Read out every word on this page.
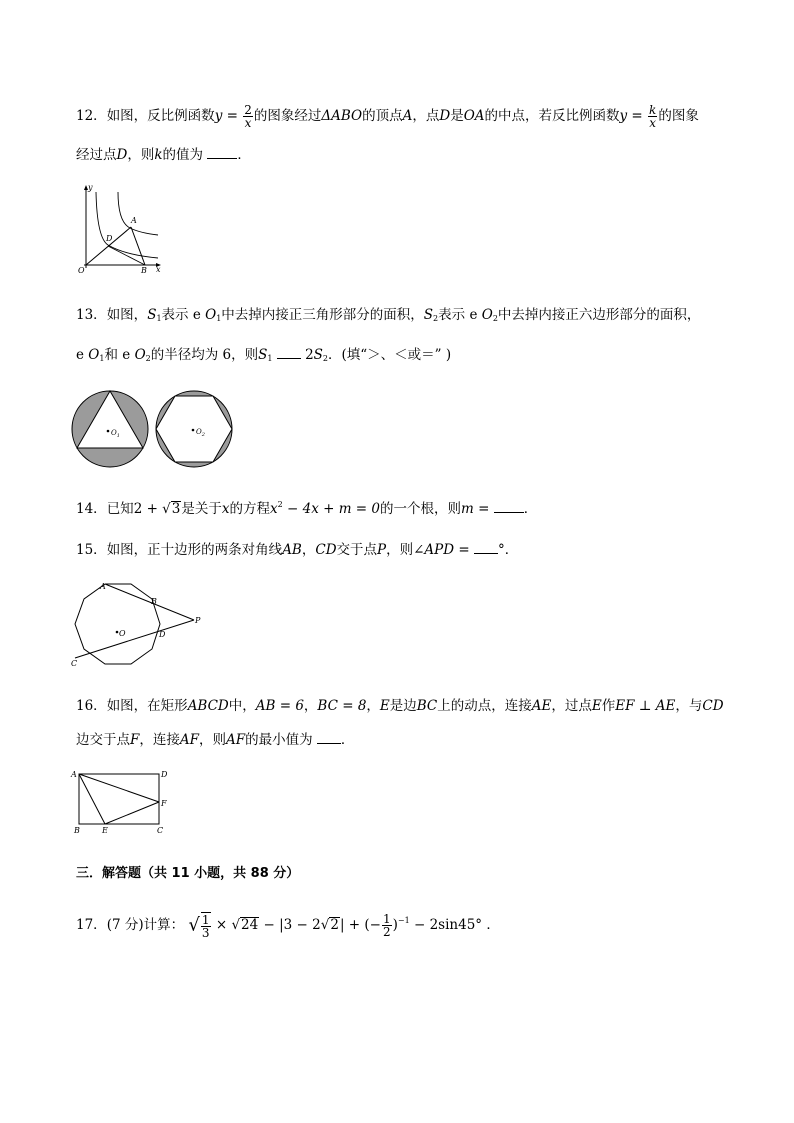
12．如图，反比例函数$y = \frac{2}{x}$ 的图象经过ΔABO的顶点A，点D是OA的中点，若反比例函数$y = \frac{k}{x}$ 的图象
经过点D，则k的值为	．
y
x
O
A
B
D
13．如图，$S_1$表示 e $O_1$中去掉内接正三角形部分的面积，$S_2$表示 e $O_2$中去掉内接正六边形部分的面积，
e $O_1$和 e $O_2$的半径均为 6，则$S_1$ $2S_2$．(填“＞、＜或＝” )
$O_1$	$O_2$
14．已知2 + √3是关于x的方程$x^2 - 4x + m = 0$的一个根，则m = ．
15．如图，正十边形的两条对角线AB，CD交于点P，则∠APD = °．
O
A
B
C
D
P
16．如图，在矩形ABCD中，AB = 6，BC = 8，E是边BC上的动点，连接AE，过点E作EF ⊥ AE，与CD
边交于点F，连接AF，则AF的最小值为 ．
A	D
F
B	E	C
三．解答题（共 11 小题，共 88 分）
17．(7 分)计算： √ $\frac{1}{3} \times √24 - |3 - 2√2|$ + (− $\frac{1}{2} )^{-1} - 2\sin 45^\circ$ ．
